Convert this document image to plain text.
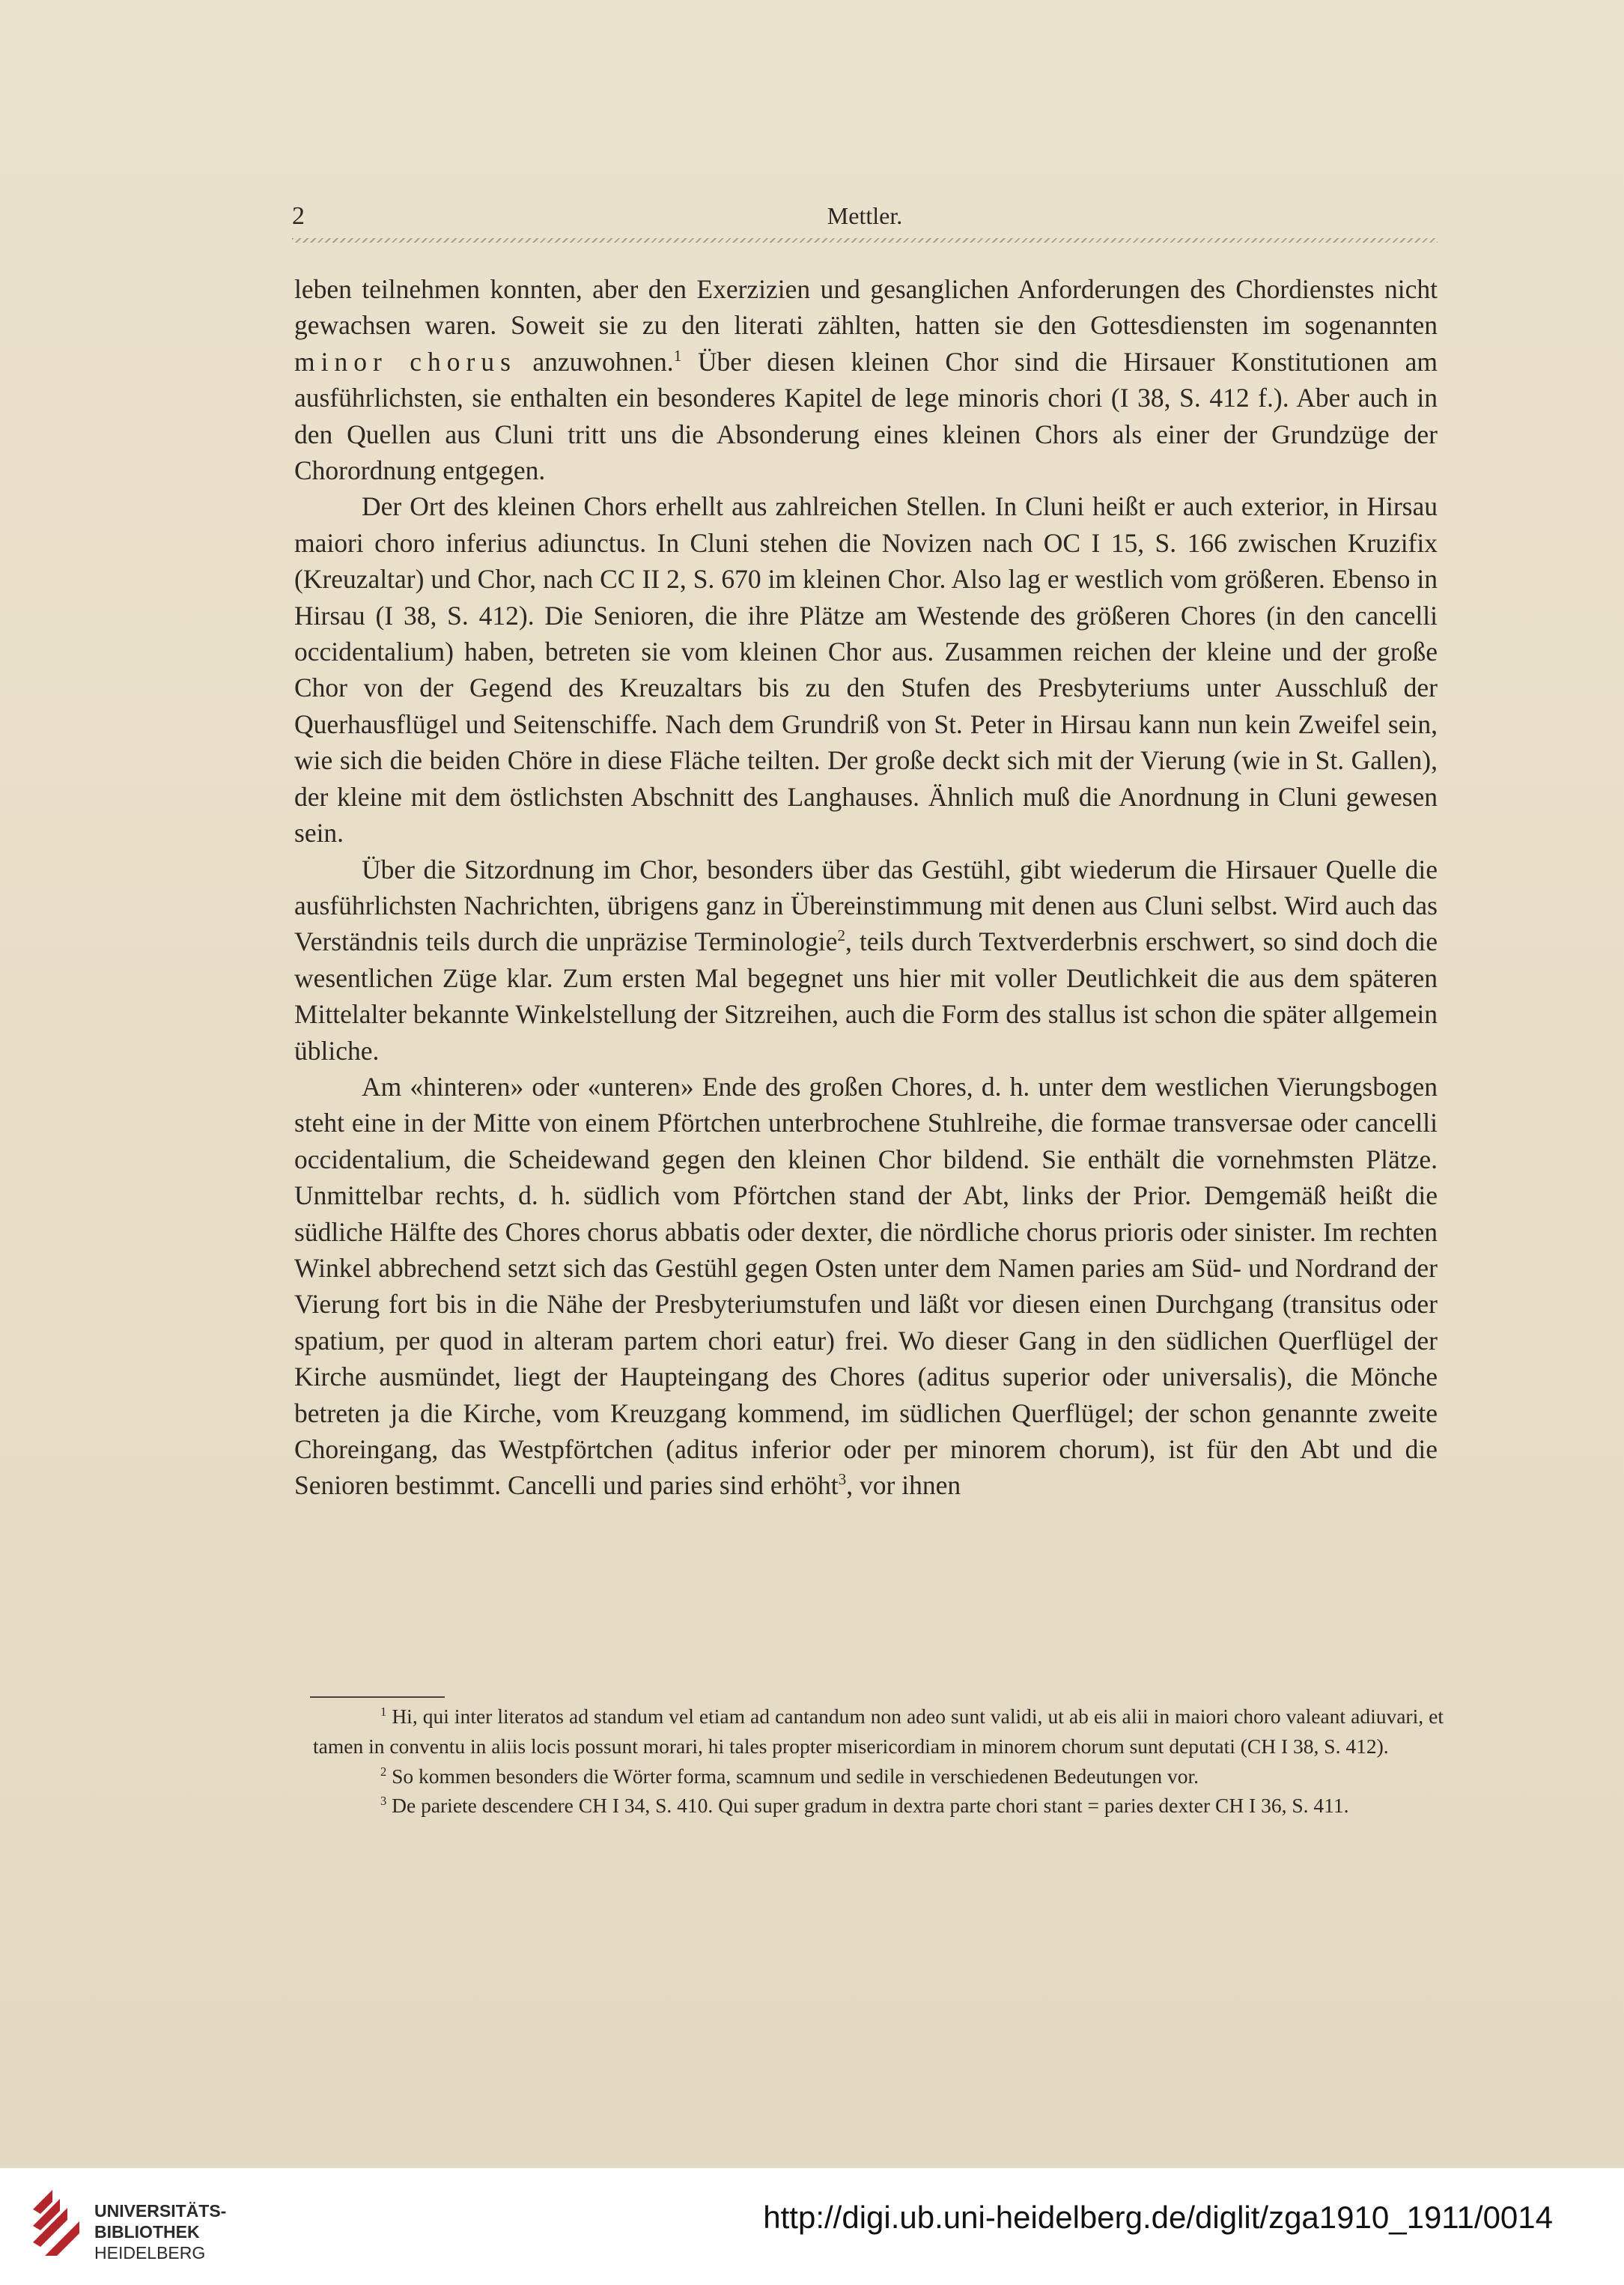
2	Mettler.

leben teilnehmen konnten, aber den Exerzizien und gesanglichen Anforderungen des Chordienstes nicht gewachsen waren. Soweit sie zu den literati zählten, hatten sie den Gottesdiensten im sogenannten minor chorus anzuwohnen.$^1$ Über diesen kleinen Chor sind die Hirsauer Konstitutionen am ausführlichsten, sie enthalten ein besonderes Kapitel de lege minoris chori (I 38, S. 412 f.). Aber auch in den Quellen aus Cluni tritt uns die Absonderung eines kleinen Chors als einer der Grundzüge der Chorordnung entgegen.

Der Ort des kleinen Chors erhellt aus zahlreichen Stellen. In Cluni heißt er auch exterior, in Hirsau maiori choro inferius adiunctus. In Cluni stehen die Novizen nach OC I 15, S. 166 zwischen Kruzifix (Kreuzaltar) und Chor, nach CC II 2, S. 670 im kleinen Chor. Also lag er westlich vom größeren. Ebenso in Hirsau (I 38, S. 412). Die Senioren, die ihre Plätze am Westende des größeren Chores (in den cancelli occidentalium) haben, betreten sie vom kleinen Chor aus. Zusammen reichen der kleine und der große Chor von der Gegend des Kreuzaltars bis zu den Stufen des Presbyteriums unter Ausschluß der Querhausflügel und Seitenschiffe. Nach dem Grundriß von St. Peter in Hirsau kann nun kein Zweifel sein, wie sich die beiden Chöre in diese Fläche teilten. Der große deckt sich mit der Vierung (wie in St. Gallen), der kleine mit dem östlichsten Abschnitt des Langhauses. Ähnlich muß die Anordnung in Cluni gewesen sein.

Über die Sitzordnung im Chor, besonders über das Gestühl, gibt wiederum die Hirsauer Quelle die ausführlichsten Nachrichten, übrigens ganz in Übereinstimmung mit denen aus Cluni selbst. Wird auch das Verständnis teils durch die unpräzise Terminologie$^2$, teils durch Textverderbnis erschwert, so sind doch die wesentlichen Züge klar. Zum ersten Mal begegnet uns hier mit voller Deutlichkeit die aus dem späteren Mittelalter bekannte Winkelstellung der Sitzreihen, auch die Form des stallus ist schon die später allgemein übliche.

Am «hinteren» oder «unteren» Ende des großen Chores, d. h. unter dem westlichen Vierungsbogen steht eine in der Mitte von einem Pförtchen unterbrochene Stuhlreihe, die formae transversae oder cancelli occidentalium, die Scheidewand gegen den kleinen Chor bildend. Sie enthält die vornehmsten Plätze. Unmittelbar rechts, d. h. südlich vom Pförtchen stand der Abt, links der Prior. Demgemäß heißt die südliche Hälfte des Chores chorus abbatis oder dexter, die nördliche chorus prioris oder sinister. Im rechten Winkel abbrechend setzt sich das Gestühl gegen Osten unter dem Namen paries am Süd- und Nordrand der Vierung fort bis in die Nähe der Presbyteriumstufen und läßt vor diesen einen Durchgang (transitus oder spatium, per quod in alteram partem chori eatur) frei. Wo dieser Gang in den südlichen Querflügel der Kirche ausmündet, liegt der Haupteingang des Chores (aditus superior oder universalis), die Mönche betreten ja die Kirche, vom Kreuzgang kommend, im südlichen Querflügel; der schon genannte zweite Choreingang, das Westpförtchen (aditus inferior oder per minorem chorum), ist für den Abt und die Senioren bestimmt. Cancelli und paries sind erhöht$^3$, vor ihnen

$^1$ Hi, qui inter literatos ad standum vel etiam ad cantandum non adeo sunt validi, ut ab eis alii in maiori choro valeant adiuvari, et tamen in conventu in aliis locis possunt morari, hi tales propter misericordiam in minorem chorum sunt deputati (CH I 38, S. 412).

$^2$ So kommen besonders die Wörter forma, scamnum und sedile in verschiedenen Bedeutungen vor.

$^3$ De pariete descendere CH I 34, S. 410. Qui super gradum in dextra parte chori stant = paries dexter CH I 36, S. 411.

UNIVERSITÄTS-
BIBLIOTHEK
HEIDELBERG
http://digi.ub.uni-heidelberg.de/diglit/zga1910_1911/0014
